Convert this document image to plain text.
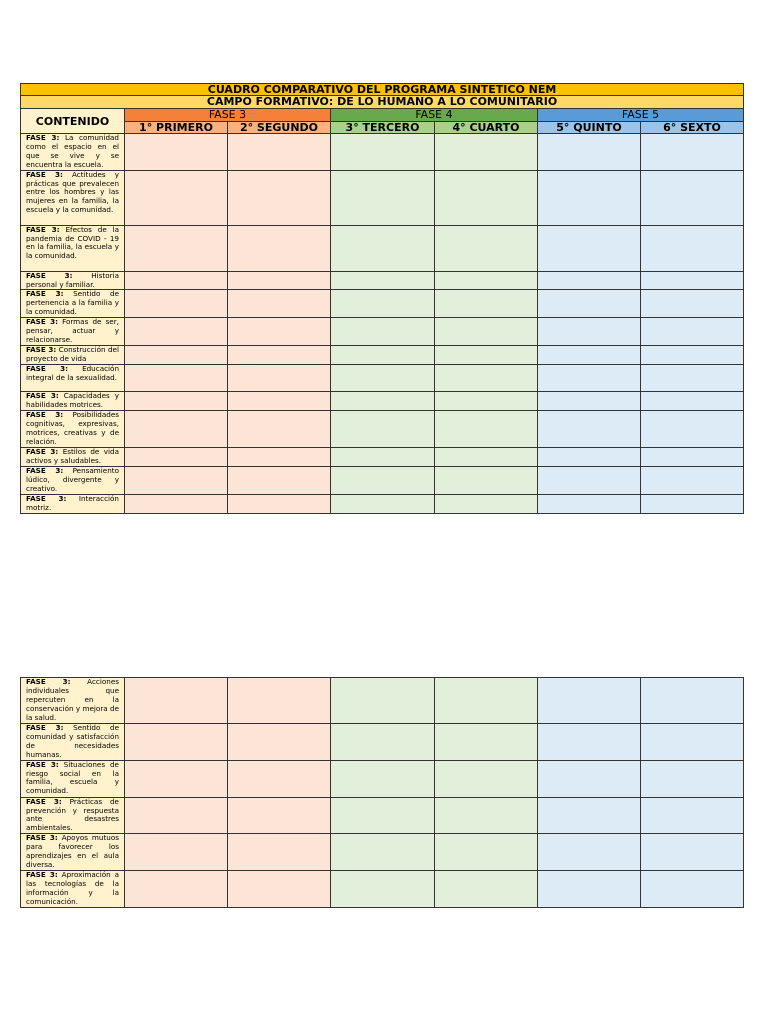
CUADRO COMPARATIVO DEL PROGRAMA SINTETICO NEM						
CAMPO FORMATIVO: DE LO HUMANO A LO COMUNITARIO						
CONTENIDO	FASE 3		FASE 4		FASE 5	
	1° PRIMERO	2° SEGUNDO	3° TERCERO	4° CUARTO	5° QUINTO	6° SEXTO
FASE 3: La comunidad como el espacio en el que se vive y se encuentra la escuela.						
FASE 3: Actitudes y prácticas que prevalecen entre los hombres y las mujeres en la familia, la escuela y la comunidad.						
FASE 3: Efectos de la pandemia de COVID - 19 en la familia, la escuela y la comunidad.						
FASE 3: Historia personal y familiar.						
FASE 3: Sentido de pertenencia a la familia y la comunidad.						
FASE 3: Formas de ser, pensar, actuar y relacionarse.						
FASE 3: Construcción del proyecto de vida						
FASE 3: Educación integral de la sexualidad.						
FASE 3: Capacidades y habilidades motrices.						
FASE 3: Posibilidades cognitivas, expresivas, motrices, creativas y de relación.						
FASE 3: Estilos de vida activos y saludables.						
FASE 3: Pensamiento lúdico, divergente y creativo.						
FASE 3: Interacción motriz.						
FASE 3: Acciones individuales que repercuten en la conservación y mejora de la salud.						
FASE 3: Sentido de comunidad y satisfacción de necesidades humanas.						
FASE 3: Situaciones de riesgo social en la familia, escuela y comunidad.						
FASE 3: Prácticas de prevención y respuesta ante desastres ambientales.						
FASE 3: Apoyos mutuos para favorecer los aprendizajes en el aula diversa.						
FASE 3: Aproximación a las tecnologías de la información y la comunicación.						
